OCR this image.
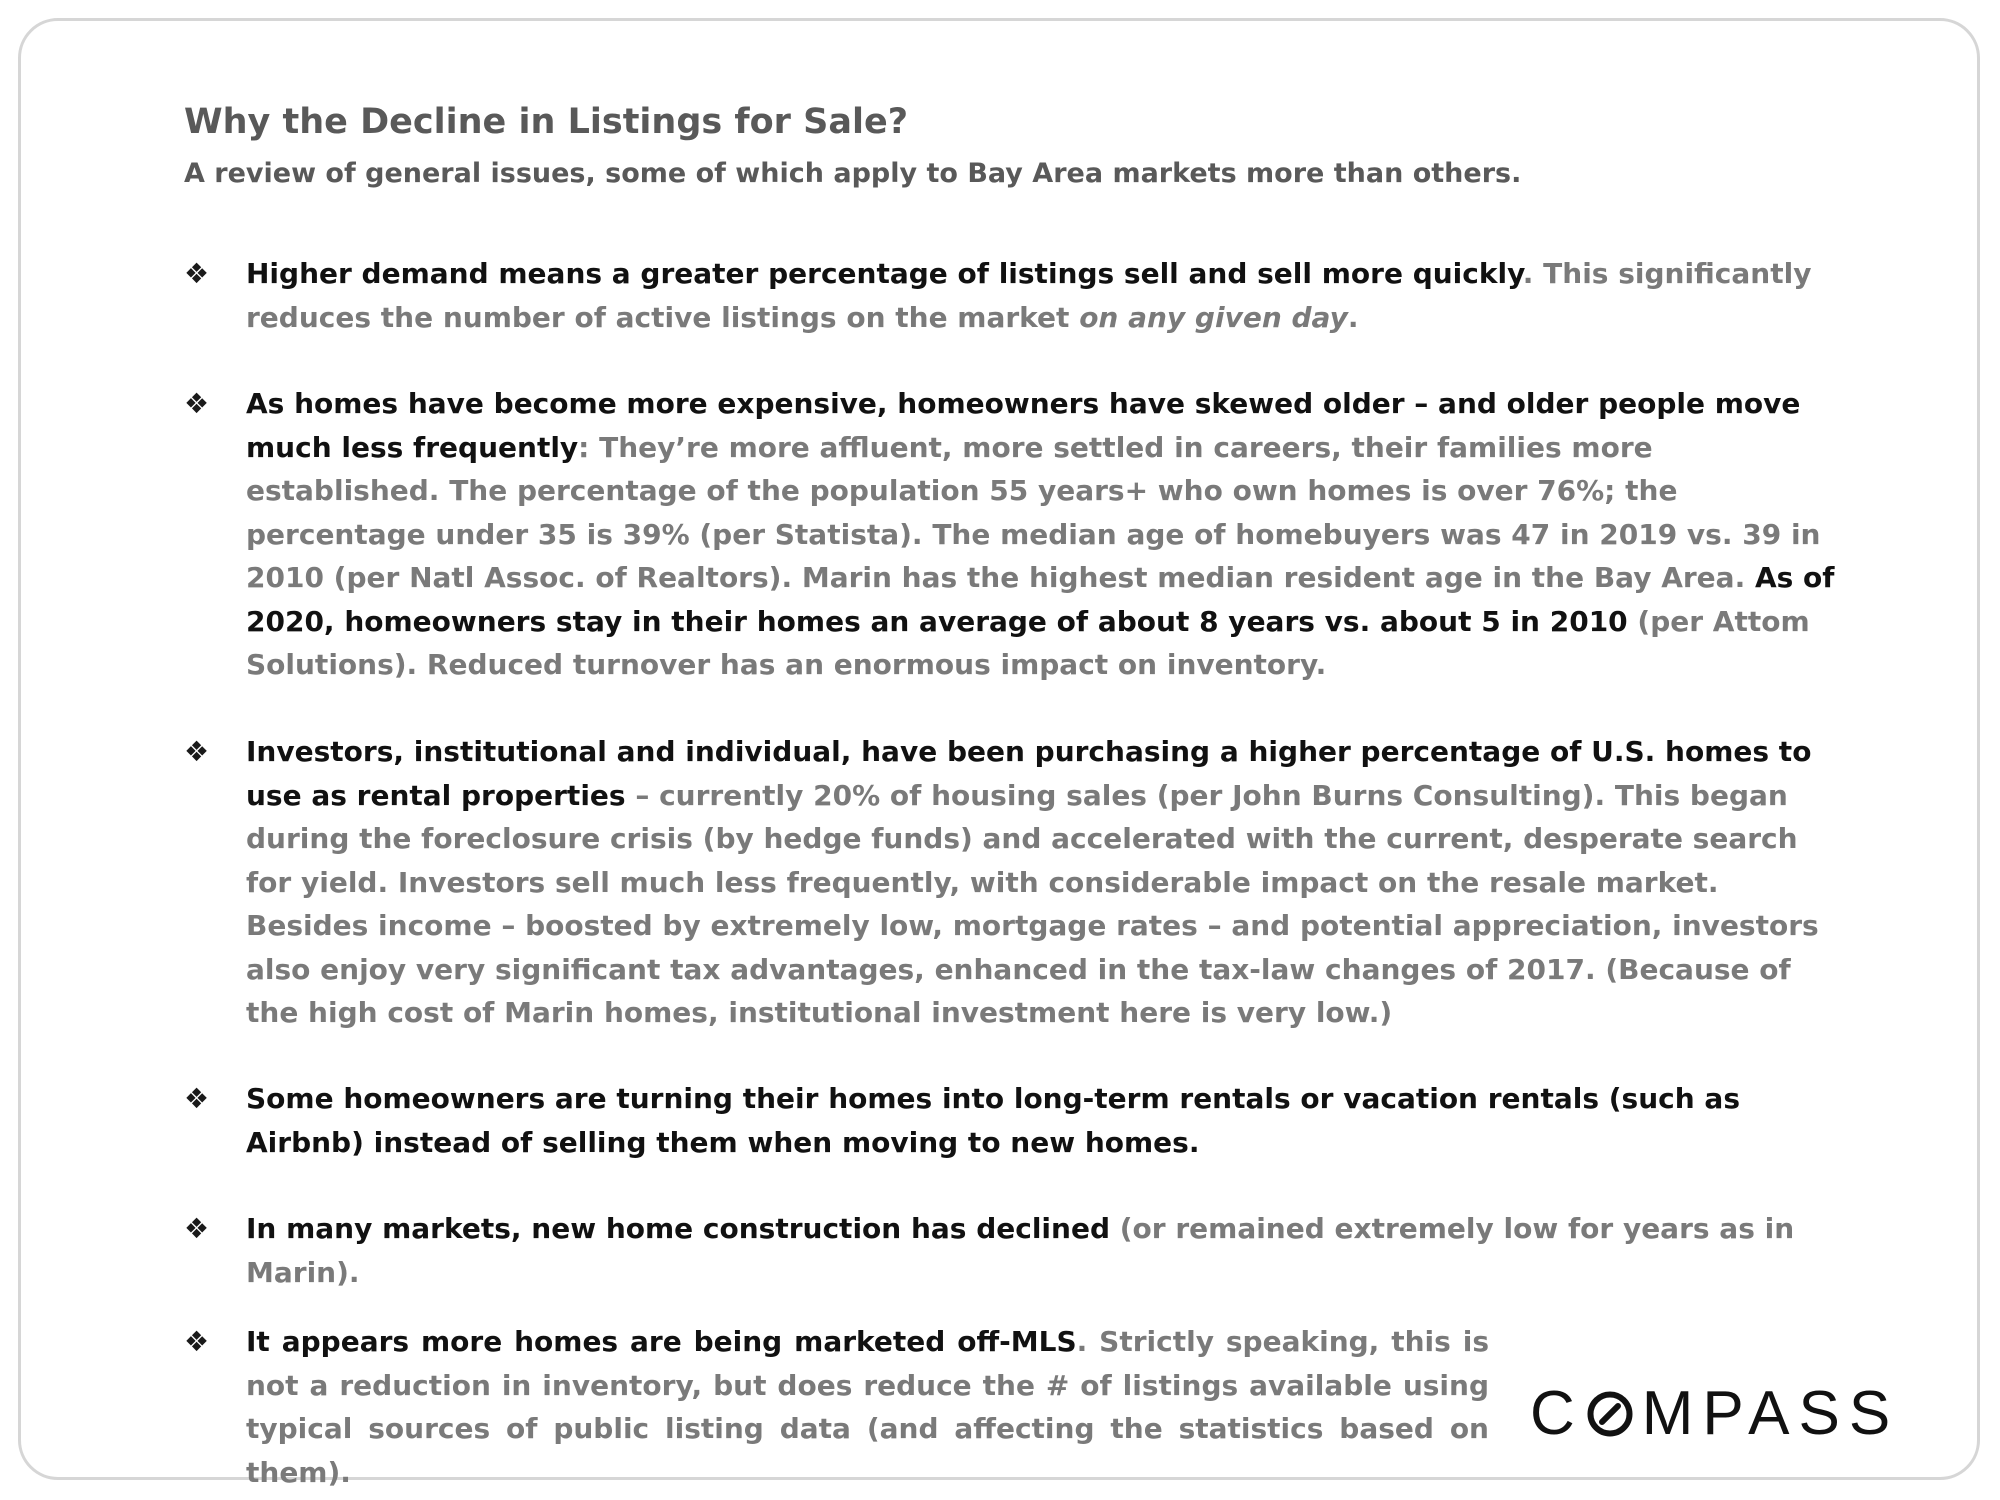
Why the Decline in Listings for Sale?
A review of general issues, some of which apply to Bay Area markets more than others.
❖	Higher demand means a greater percentage of listings sell and sell more quickly. This significantly reduces the number of active listings on the market on any given day.
❖	As homes have become more expensive, homeowners have skewed older – and older people move much less frequently: They’re more affluent, more settled in careers, their families more established. The percentage of the population 55 years+ who own homes is over 76%; the percentage under 35 is 39% (per Statista). The median age of homebuyers was 47 in 2019 vs. 39 in 2010 (per Natl Assoc. of Realtors). Marin has the highest median resident age in the Bay Area. As of 2020, homeowners stay in their homes an average of about 8 years vs. about 5 in 2010 (per Attom Solutions). Reduced turnover has an enormous impact on inventory.
❖	Investors, institutional and individual, have been purchasing a higher percentage of U.S. homes to use as rental properties – currently 20% of housing sales (per John Burns Consulting). This began during the foreclosure crisis (by hedge funds) and accelerated with the current, desperate search for yield. Investors sell much less frequently, with considerable impact on the resale market. Besides income – boosted by extremely low, mortgage rates – and potential appreciation, investors also enjoy very significant tax advantages, enhanced in the tax-law changes of 2017. (Because of the high cost of Marin homes, institutional investment here is very low.)
❖	Some homeowners are turning their homes into long-term rentals or vacation rentals (such as Airbnb) instead of selling them when moving to new homes.
❖	In many markets, new home construction has declined (or remained extremely low for years as in Marin).
❖	It appears more homes are being marketed off-MLS. Strictly speaking, this is not a reduction in inventory, but does reduce the # of listings available using typical sources of public listing data (and affecting the statistics based on them).
C MPASS
